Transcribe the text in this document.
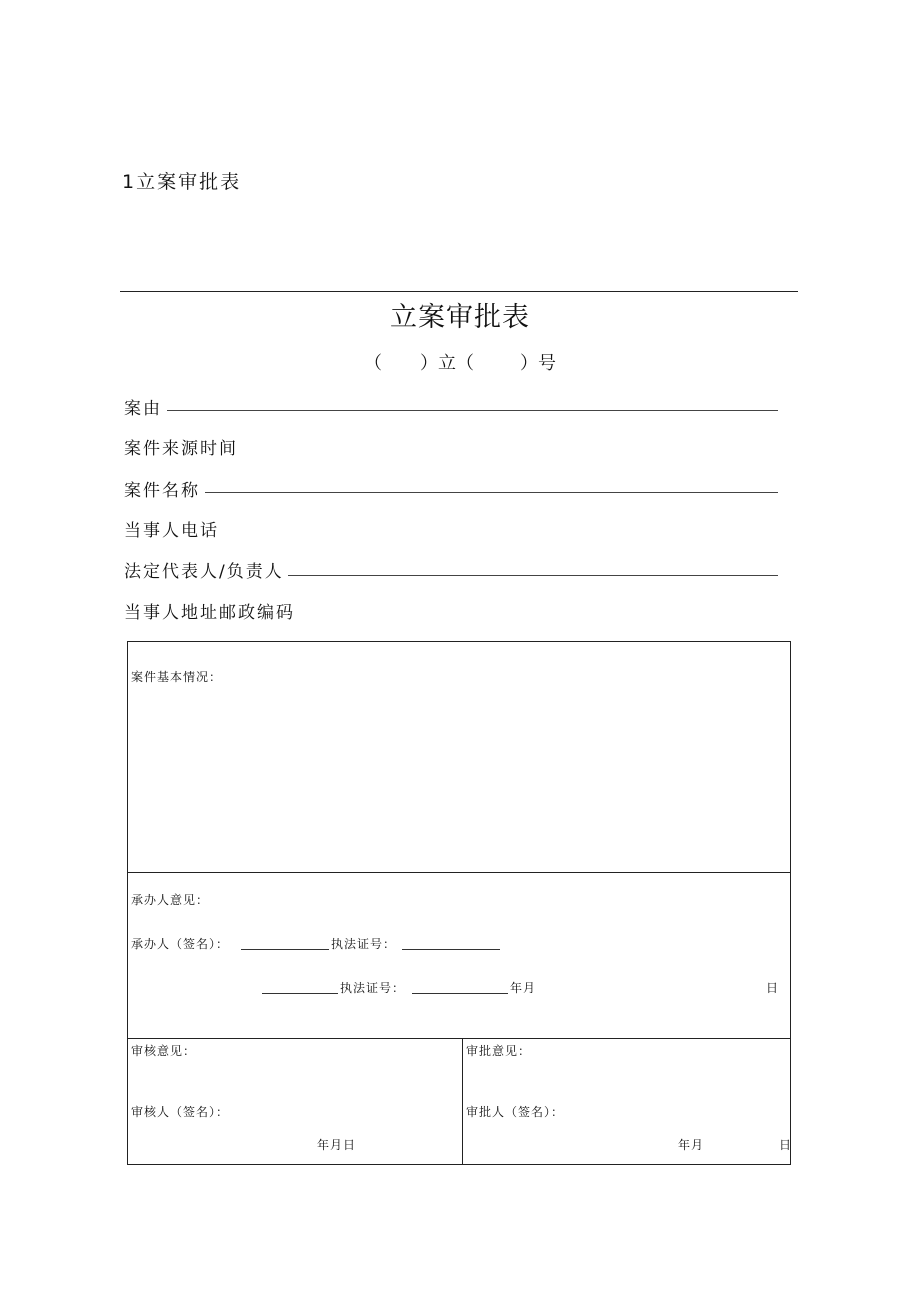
1立案审批表
立案审批表
（ ）立（	）号
案由
案件来源时间
案件名称
当事人电话
法定代表人/负责人
当事人地址邮政编码
案件基本情况：
承办人意见：
承办人（签名）：	执法证号：
执法证号：	年月	日
审核意见：
审核人（签名）：
年月日
审批意见：
审批人（签名）：
年月	日
